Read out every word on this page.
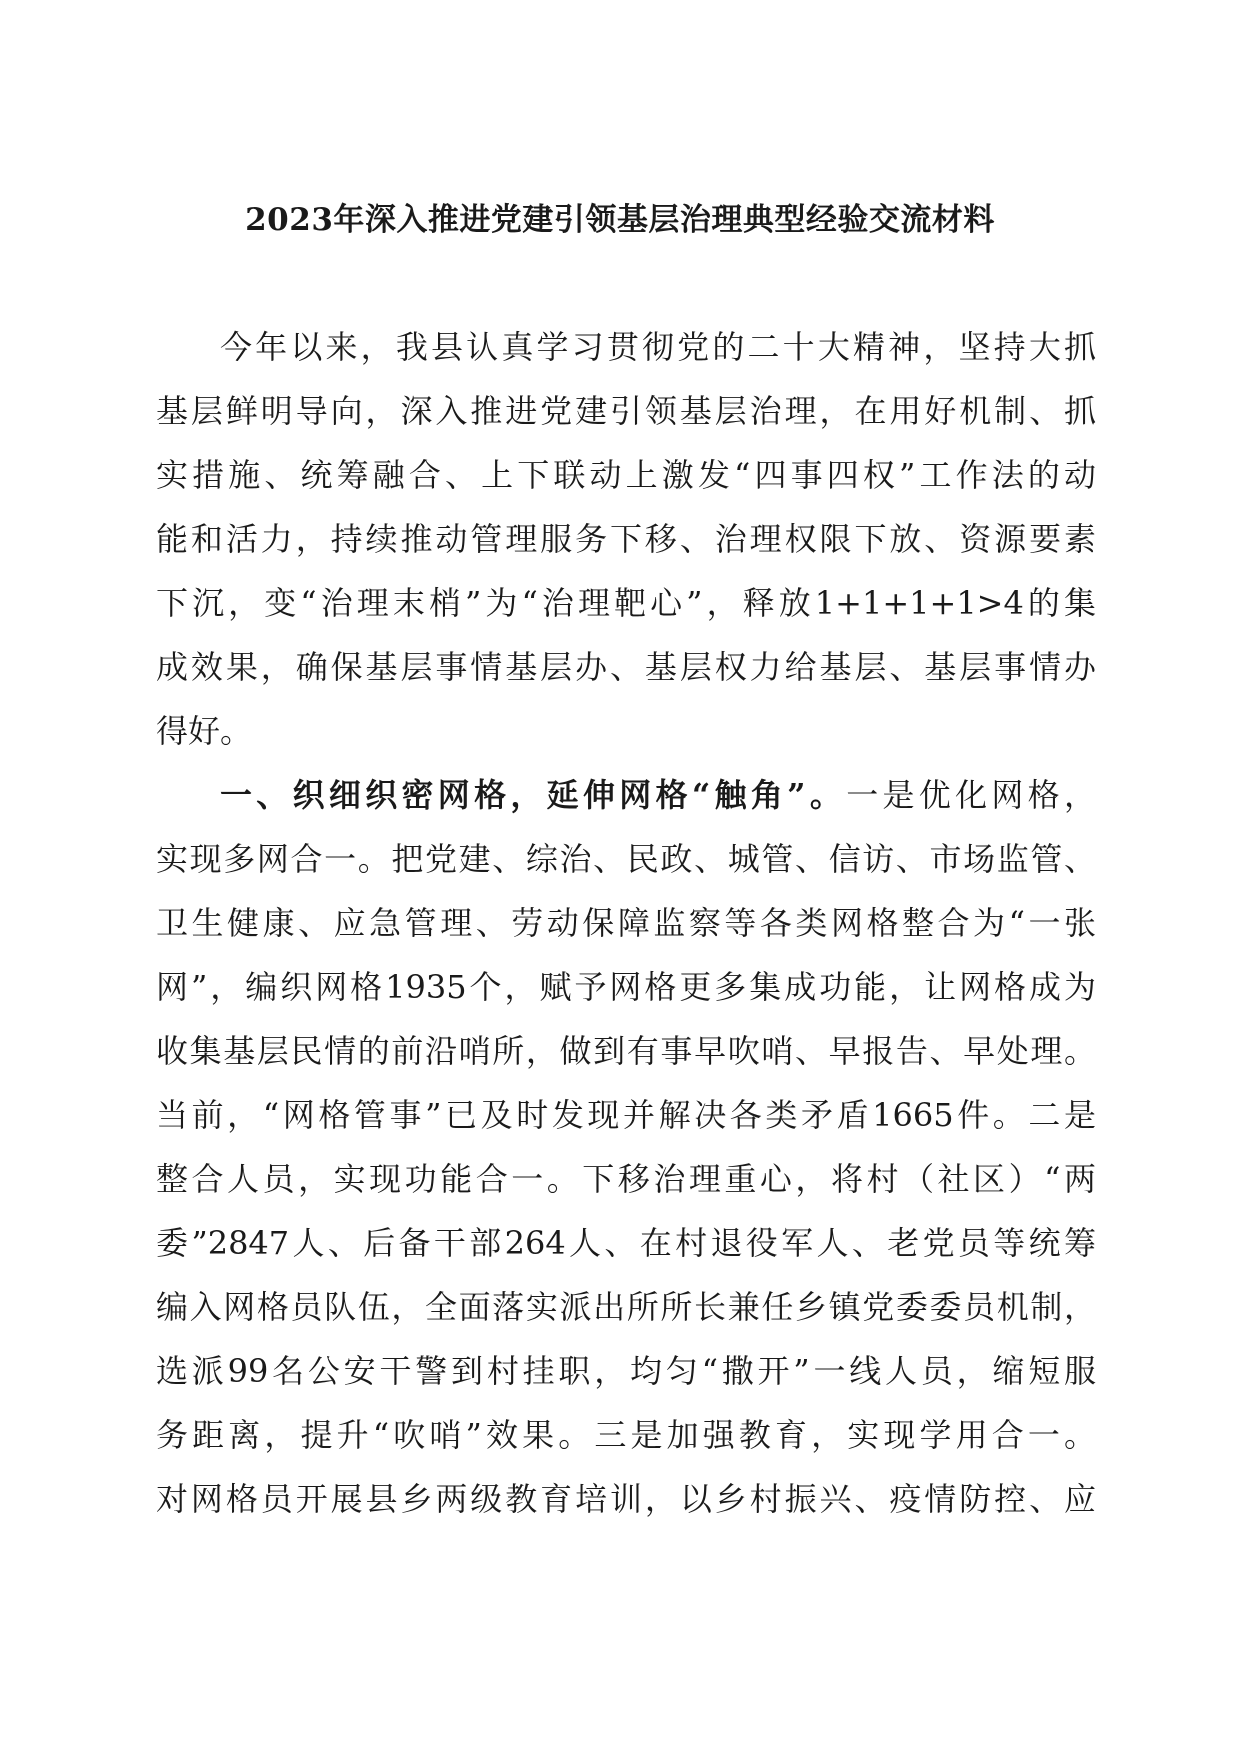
2023年深入推进党建引领基层治理典型经验交流材料
今年以来，我县认真学习贯彻党的二十大精神，坚持大抓
基层鲜明导向，深入推进党建引领基层治理，在用好机制、抓
实措施、统筹融合、上下联动上激发“四事四权”工作法的动
能和活力，持续推动管理服务下移、治理权限下放、资源要素
下沉，变“治理末梢”为“治理靶心”，释放1+1+1+1>4的集
成效果，确保基层事情基层办、基层权力给基层、基层事情办
得好。
一、织细织密网格，延伸网格“触角”。一是优化网格，
实现多网合一。把党建、综治、民政、城管、信访、市场监管、
卫生健康、应急管理、劳动保障监察等各类网格整合为“一张
网”，编织网格1935个，赋予网格更多集成功能，让网格成为
收集基层民情的前沿哨所，做到有事早吹哨、早报告、早处理。
当前，“网格管事”已及时发现并解决各类矛盾1665件。二是
整合人员，实现功能合一。下移治理重心，将村（社区）“两
委”2847人、后备干部264人、在村退役军人、老党员等统筹
编入网格员队伍，全面落实派出所所长兼任乡镇党委委员机制，
选派99名公安干警到村挂职，均匀“撒开”一线人员，缩短服
务距离，提升“吹哨”效果。三是加强教育，实现学用合一。
对网格员开展县乡两级教育培训，以乡村振兴、疫情防控、应
